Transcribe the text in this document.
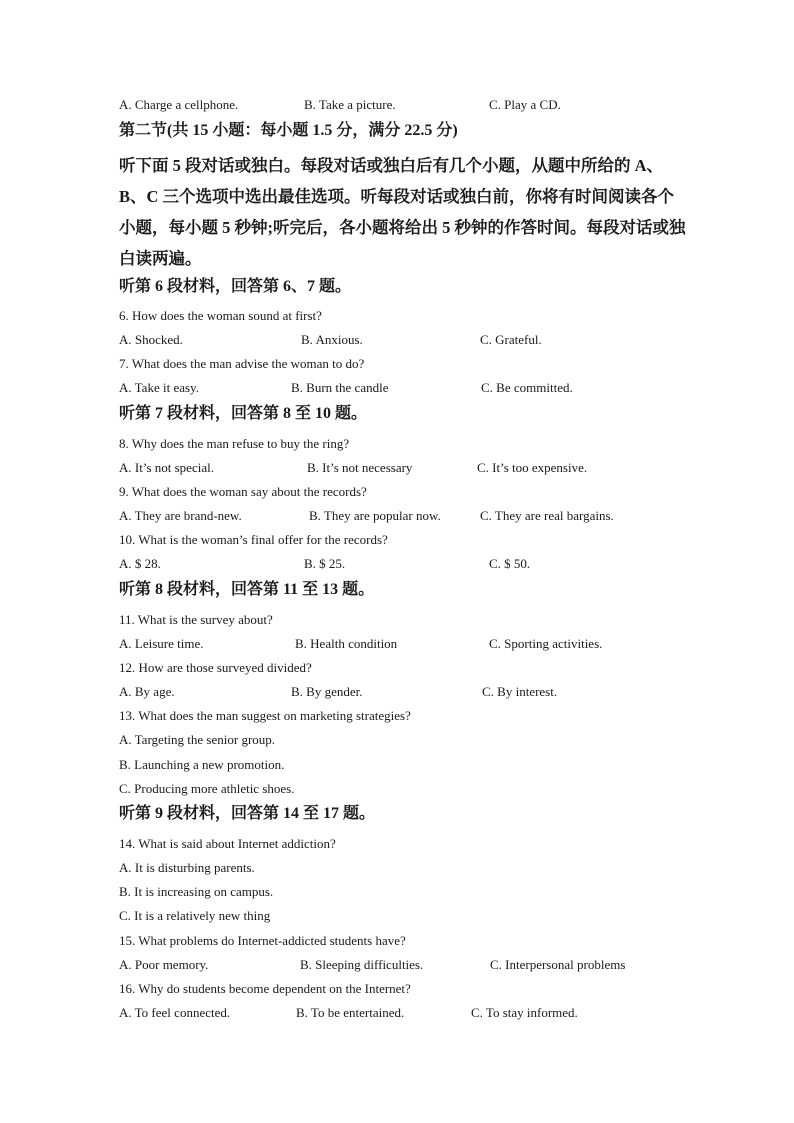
A. Charge a cellphone.	B. Take a picture.	C. Play a CD.
第二节(共 15 小题：每小题 1.5 分，满分 22.5 分)
听下面 5 段对话或独白。每段对话或独白后有几个小题，从题中所给的 A、
B、C 三个选项中选出最佳选项。听每段对话或独白前，你将有时间阅读各个
小题，每小题 5 秒钟;听完后，各小题将给出 5 秒钟的作答时间。每段对话或独
白读两遍。
听第 6 段材料，回答第 6、7 题。
6. How does the woman sound at first?
A. Shocked.	B. Anxious.	C. Grateful.
7. What does the man advise the woman to do?
A. Take it easy.	B. Burn the candle	C. Be committed.
听第 7 段材料，回答第 8 至 10 题。
8. Why does the man refuse to buy the ring?
A. It’s not special.	B. It’s not necessary	C. It’s too expensive.
9. What does the woman say about the records?
A. They are brand-new.	B. They are popular now.	C. They are real bargains.
10. What is the woman’s final offer for the records?
A. $ 28.	B. $ 25.	C. $ 50.
听第 8 段材料，回答第 11 至 13 题。
11. What is the survey about?
A. Leisure time.	B. Health condition	C. Sporting activities.
12. How are those surveyed divided?
A. By age.	B. By gender.	C. By interest.
13. What does the man suggest on marketing strategies?
A. Targeting the senior group.
B. Launching a new promotion.
C. Producing more athletic shoes.
听第 9 段材料，回答第 14 至 17 题。
14. What is said about Internet addiction?
A. It is disturbing parents.
B. It is increasing on campus.
C. It is a relatively new thing
15. What problems do Internet-addicted students have?
A. Poor memory.	B. Sleeping difficulties.	C. Interpersonal problems
16. Why do students become dependent on the Internet?
A. To feel connected.	B. To be entertained.	C. To stay informed.
